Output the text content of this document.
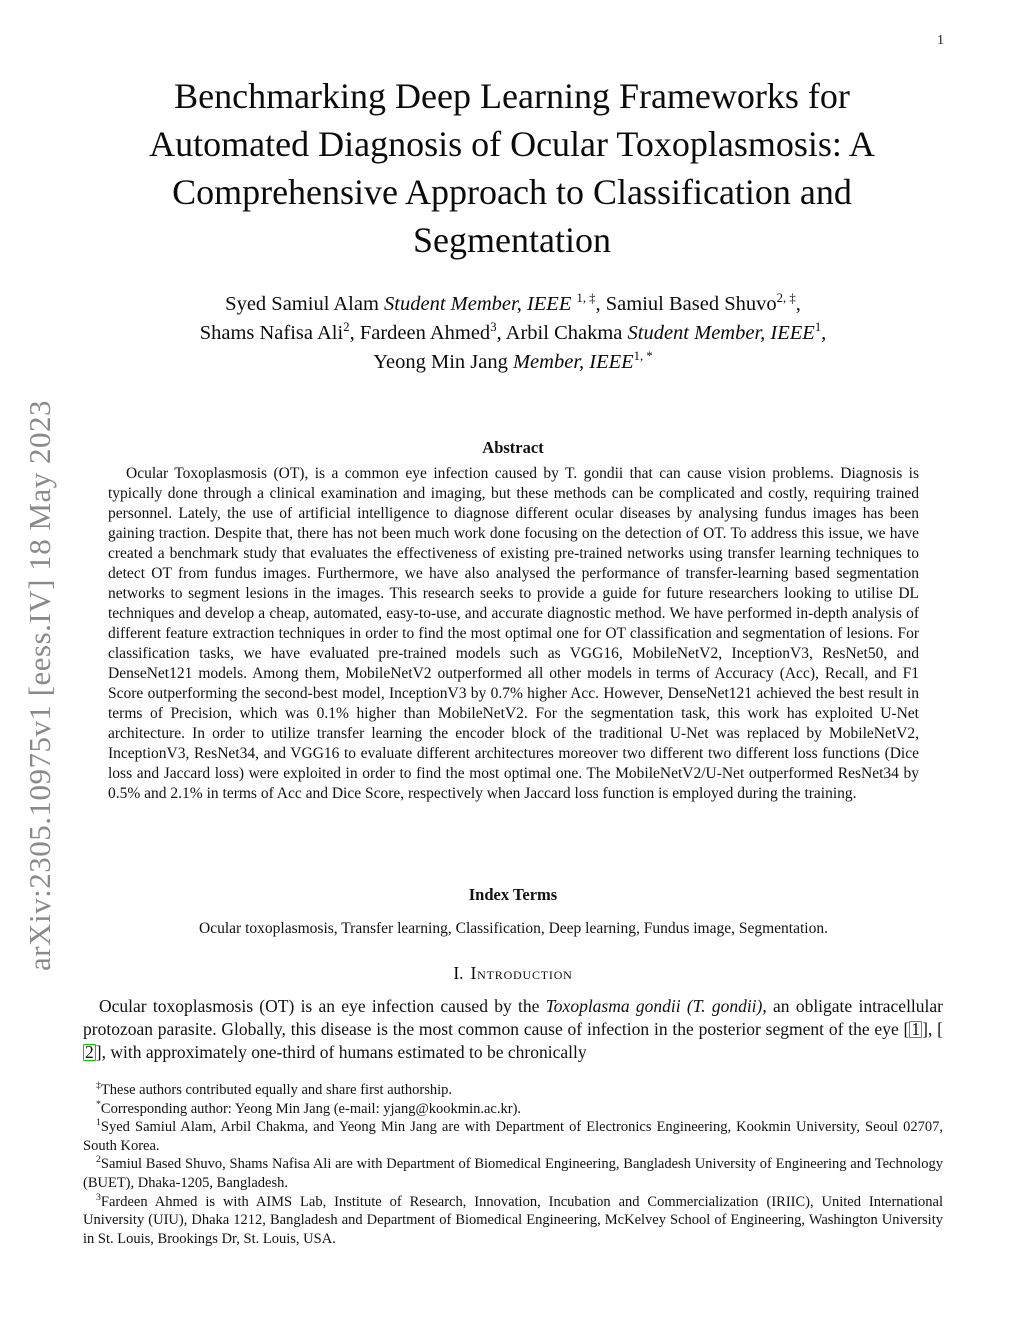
1
arXiv:2305.10975v1 [eess.IV] 18 May 2023
Benchmarking Deep Learning Frameworks for
Automated Diagnosis of Ocular Toxoplasmosis: A
Comprehensive Approach to Classification and
Segmentation
Syed Samiul Alam Student Member, IEEE $^{1, \ddagger}$, Samiul Based Shuvo$^{2, \ddagger}$,
Shams Nafisa Ali$^2$, Fardeen Ahmed$^3$, Arbil Chakma Student Member, IEEE$^1$,
Yeong Min Jang Member, $IEEE^{1, *}$
Abstract
Ocular Toxoplasmosis (OT), is a common eye infection caused by T. gondii that can cause vision problems. Diagnosis is typically done through a clinical examination and imaging, but these methods can be complicated and costly, requiring trained personnel. Lately, the use of artificial intelligence to diagnose different ocular diseases by analysing fundus images has been gaining traction. Despite that, there has not been much work done focusing on the detection of OT. To address this issue, we have created a benchmark study that evaluates the effectiveness of existing pre-trained networks using transfer learning techniques to detect OT from fundus images. Furthermore, we have also analysed the performance of transfer-learning based segmentation networks to segment lesions in the images. This research seeks to provide a guide for future researchers looking to utilise DL techniques and develop a cheap, automated, easy-to-use, and accurate diagnostic method. We have performed in-depth analysis of different feature extraction techniques in order to find the most optimal one for OT classification and segmentation of lesions. For classification tasks, we have evaluated pre-trained models such as VGG16, MobileNetV2, InceptionV3, ResNet50, and DenseNet121 models. Among them, MobileNetV2 outperformed all other models in terms of Accuracy (Acc), Recall, and F1 Score outperforming the second-best model, InceptionV3 by 0.7% higher Acc. However, DenseNet121 achieved the best result in terms of Precision, which was 0.1% higher than MobileNetV2. For the segmentation task, this work has exploited U-Net architecture. In order to utilize transfer learning the encoder block of the traditional U-Net was replaced by MobileNetV2, InceptionV3, ResNet34, and VGG16 to evaluate different architectures moreover two different two different loss functions (Dice loss and Jaccard loss) were exploited in order to find the most optimal one. The MobileNetV2/U-Net outperformed ResNet34 by 0.5% and 2.1% in terms of Acc and Dice Score, respectively when Jaccard loss function is employed during the training.
Index Terms
Ocular toxoplasmosis, Transfer learning, Classification, Deep learning, Fundus image, Segmentation.
I. Introduction
Ocular toxoplasmosis (OT) is an eye infection caused by the Toxoplasma gondii (T. gondii), an obligate intracellular protozoan parasite. Globally, this disease is the most common cause of infection in the posterior segment of the eye [ 1 ], [2 ], with approximately one-third of humans estimated to be chronically

‡These authors contributed equally and share first authorship.

*Corresponding author: Yeong Min Jang (e-mail: yjang@kookmin.ac.kr).

$^1$Syed Samiul Alam, Arbil Chakma, and Yeong Min Jang are with Department of Electronics Engineering, Kookmin University, Seoul 02707, South Korea.

$^2$Samiul Based Shuvo, Shams Nafisa Ali are with Department of Biomedical Engineering, Bangladesh University of Engineering and Technology (BUET), Dhaka-1205, Bangladesh.

$^3$Fardeen Ahmed is with AIMS Lab, Institute of Research, Innovation, Incubation and Commercialization (IRIIC), United International University (UIU), Dhaka 1212, Bangladesh and Department of Biomedical Engineering, McKelvey School of Engineering, Washington University in St. Louis, Brookings Dr, St. Louis, USA.
